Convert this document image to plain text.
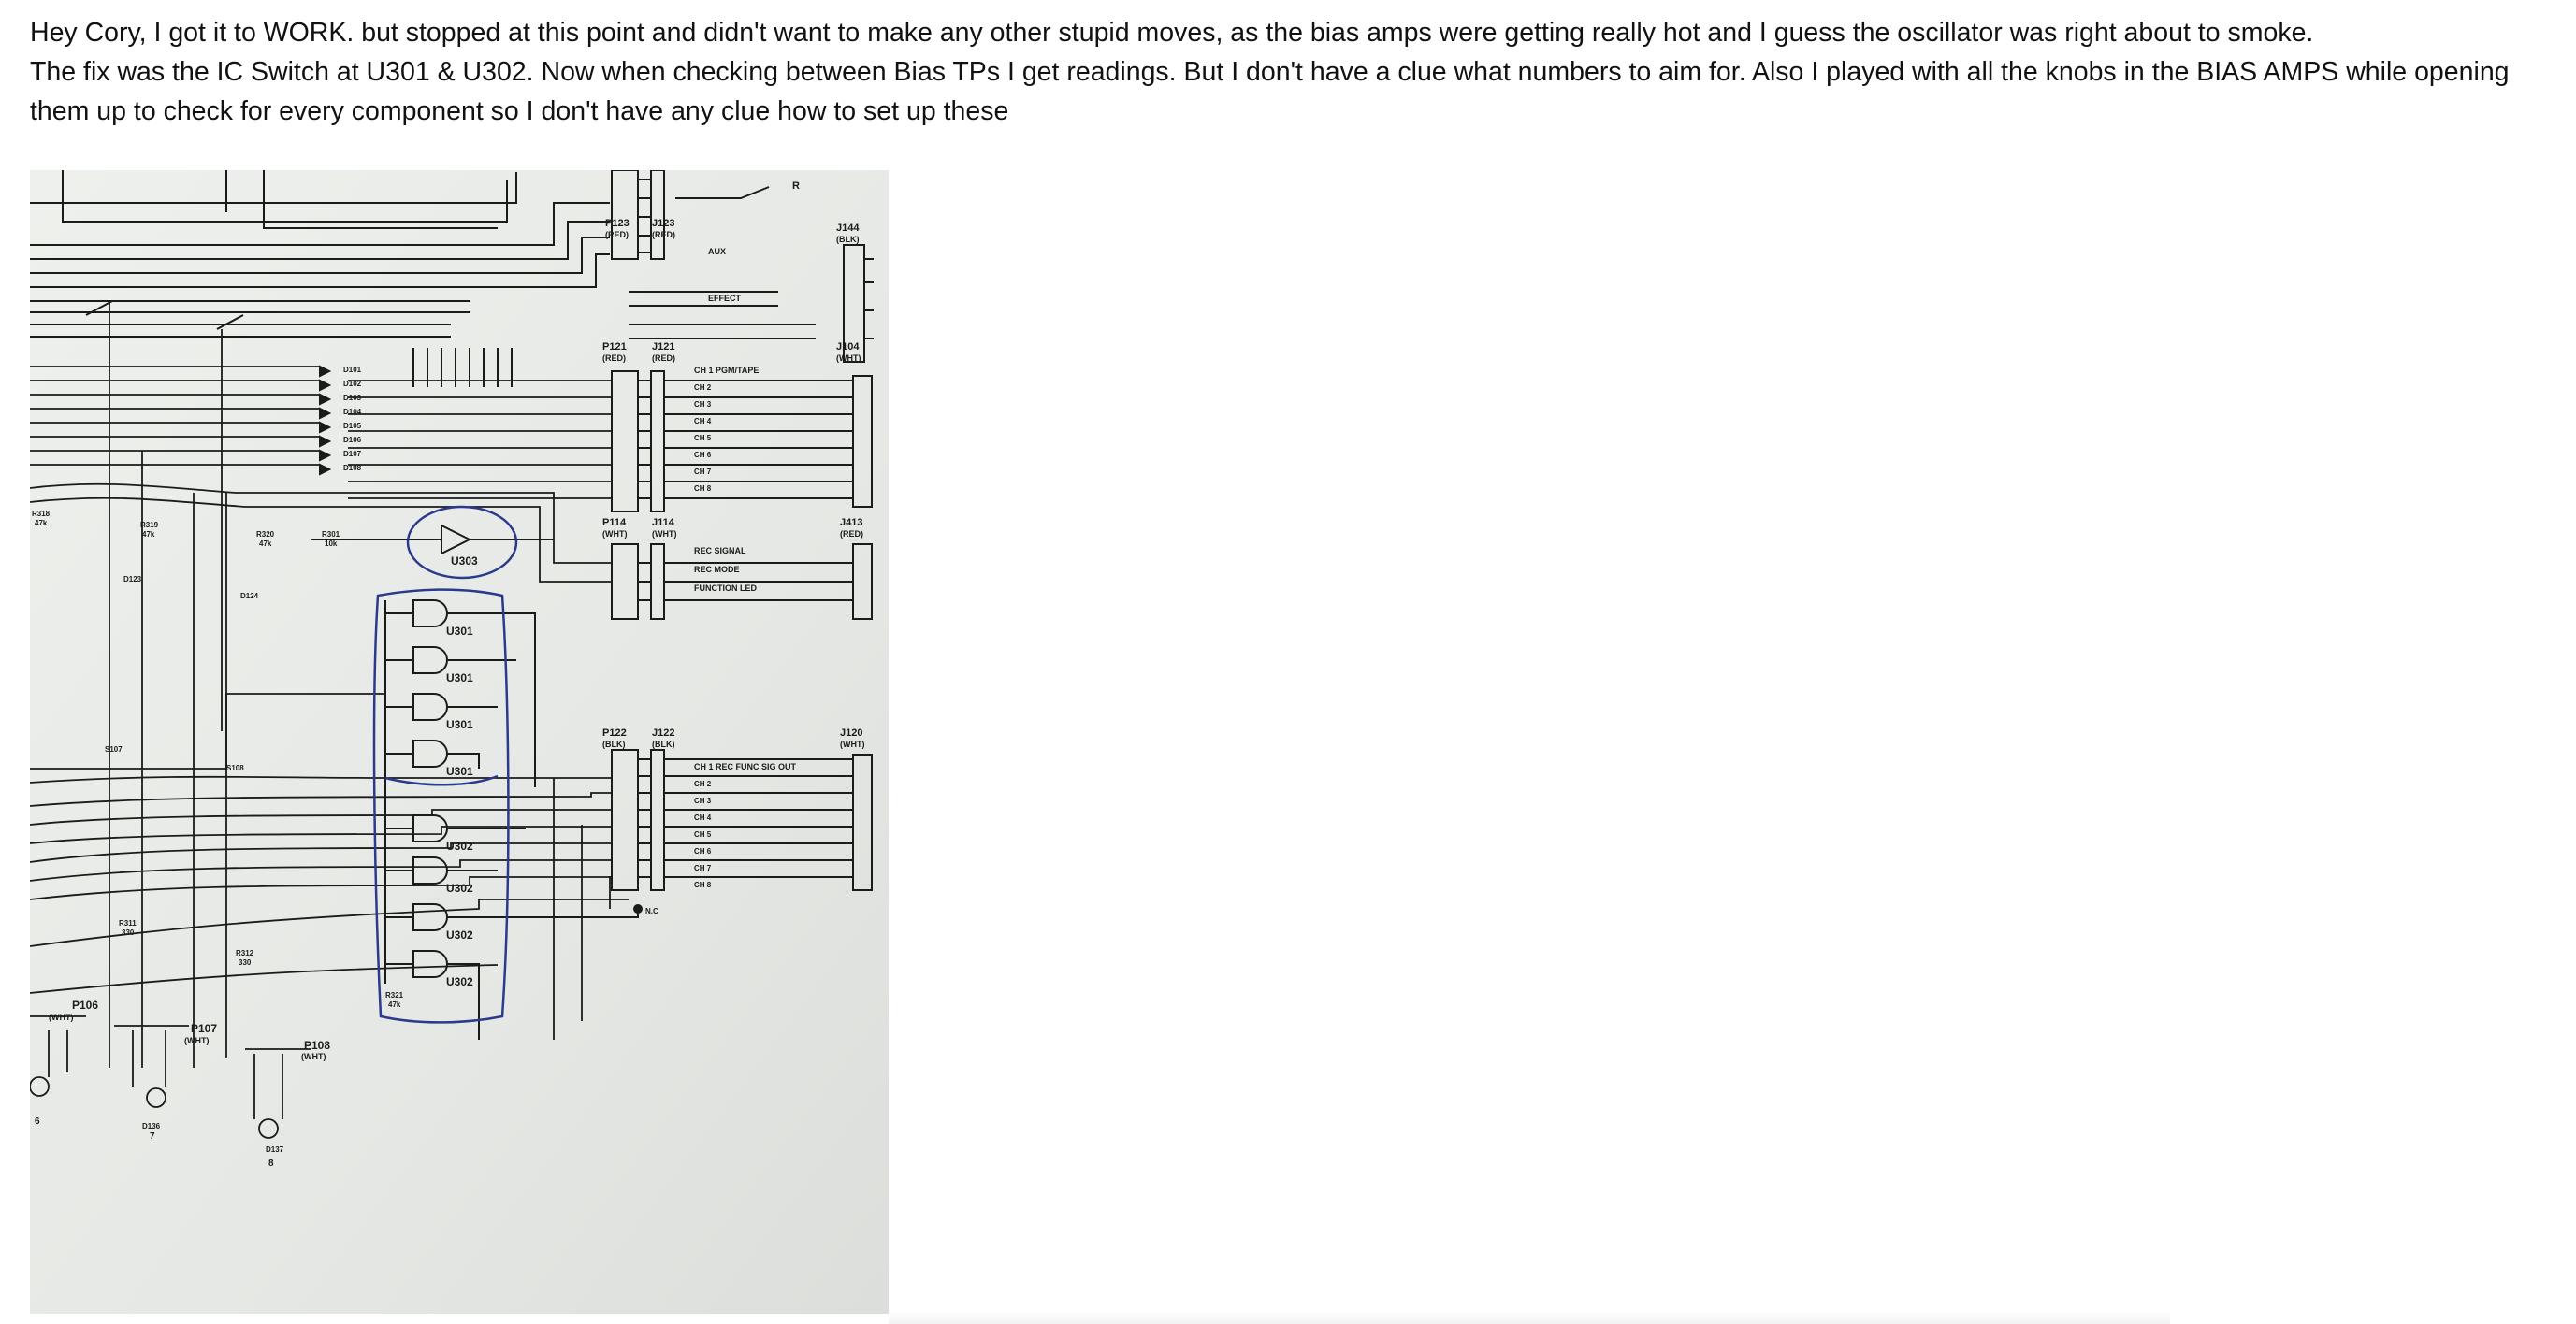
Hey Cory, I got it to WORK. but stopped at this point and didn't want to make any other stupid moves, as the bias amps were getting really hot and I guess the oscillator was right about to smoke.

The fix was the IC Switch at U301 & U302. Now when checking between Bias TPs I get readings. But I don't have a clue what numbers to aim for. Also I played with all the knobs in the BIAS AMPS while opening them up to check for every component so I don't have any clue how to set up these

P123
(RED)
J123
(RED)
J144
(BLK)
P121
(RED)
J121
(RED)
J104
(WHT)
P114
(WHT)
J114
(WHT)
J413
(RED)
P122
(BLK)
J122
(BLK)
J120
(WHT)
P106
(WHT)
P107
(WHT)	P108
(WHT)
AUX
EFFECT
CH 1 PGM/TAPE
CH 2
CH 3
CH 4
CH 5
CH 6
CH 7
CH 8
REC SIGNAL
REC MODE
FUNCTION LED
CH 1 REC FUNC SIG OUT
CH 2
CH 3
CH 4
CH 5
CH 6
CH 7
CH 8
N.C
U303
U301
U301
U301
U301
U302
U302
U302
U302
D101
D102
D103
D104
D105
D106
D107
D108
R320
47k
R301
10k
R319
47k
R318
47k
D123
D124
S107
S108
R311
330
R312
330
R321
47k
D136
D137
6
7
8
R
